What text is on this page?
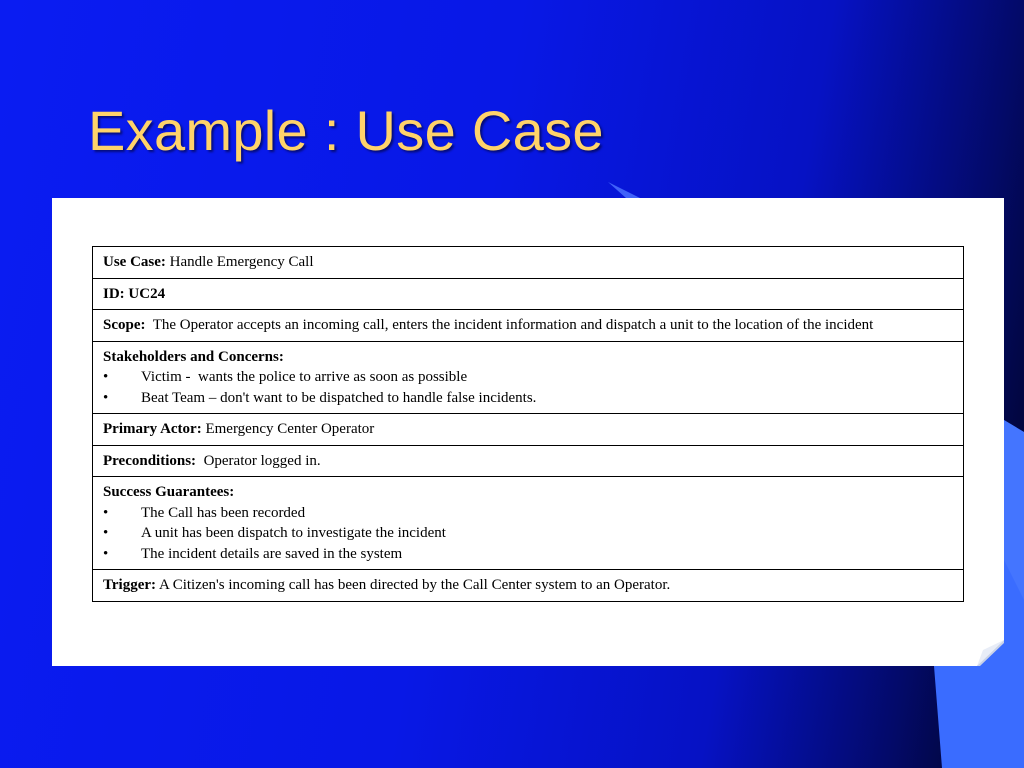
Example : Use Case
Use Case: Handle Emergency Call
ID: UC24

Scope:  The Operator accepts an incoming call, enters the incident information and dispatch a unit to the location of the incident

Stakeholders and Concerns:
• Victim -  wants the police to arrive as soon as possible
• Beat Team – don't want to be dispatched to handle false incidents.

Primary Actor: Emergency Center Operator
Preconditions:  Operator logged in.

Success Guarantees:
• The Call has been recorded
• A unit has been dispatch to investigate the incident
• The incident details are saved in the system

Trigger: A Citizen's incoming call has been directed by the Call Center system to an Operator.
